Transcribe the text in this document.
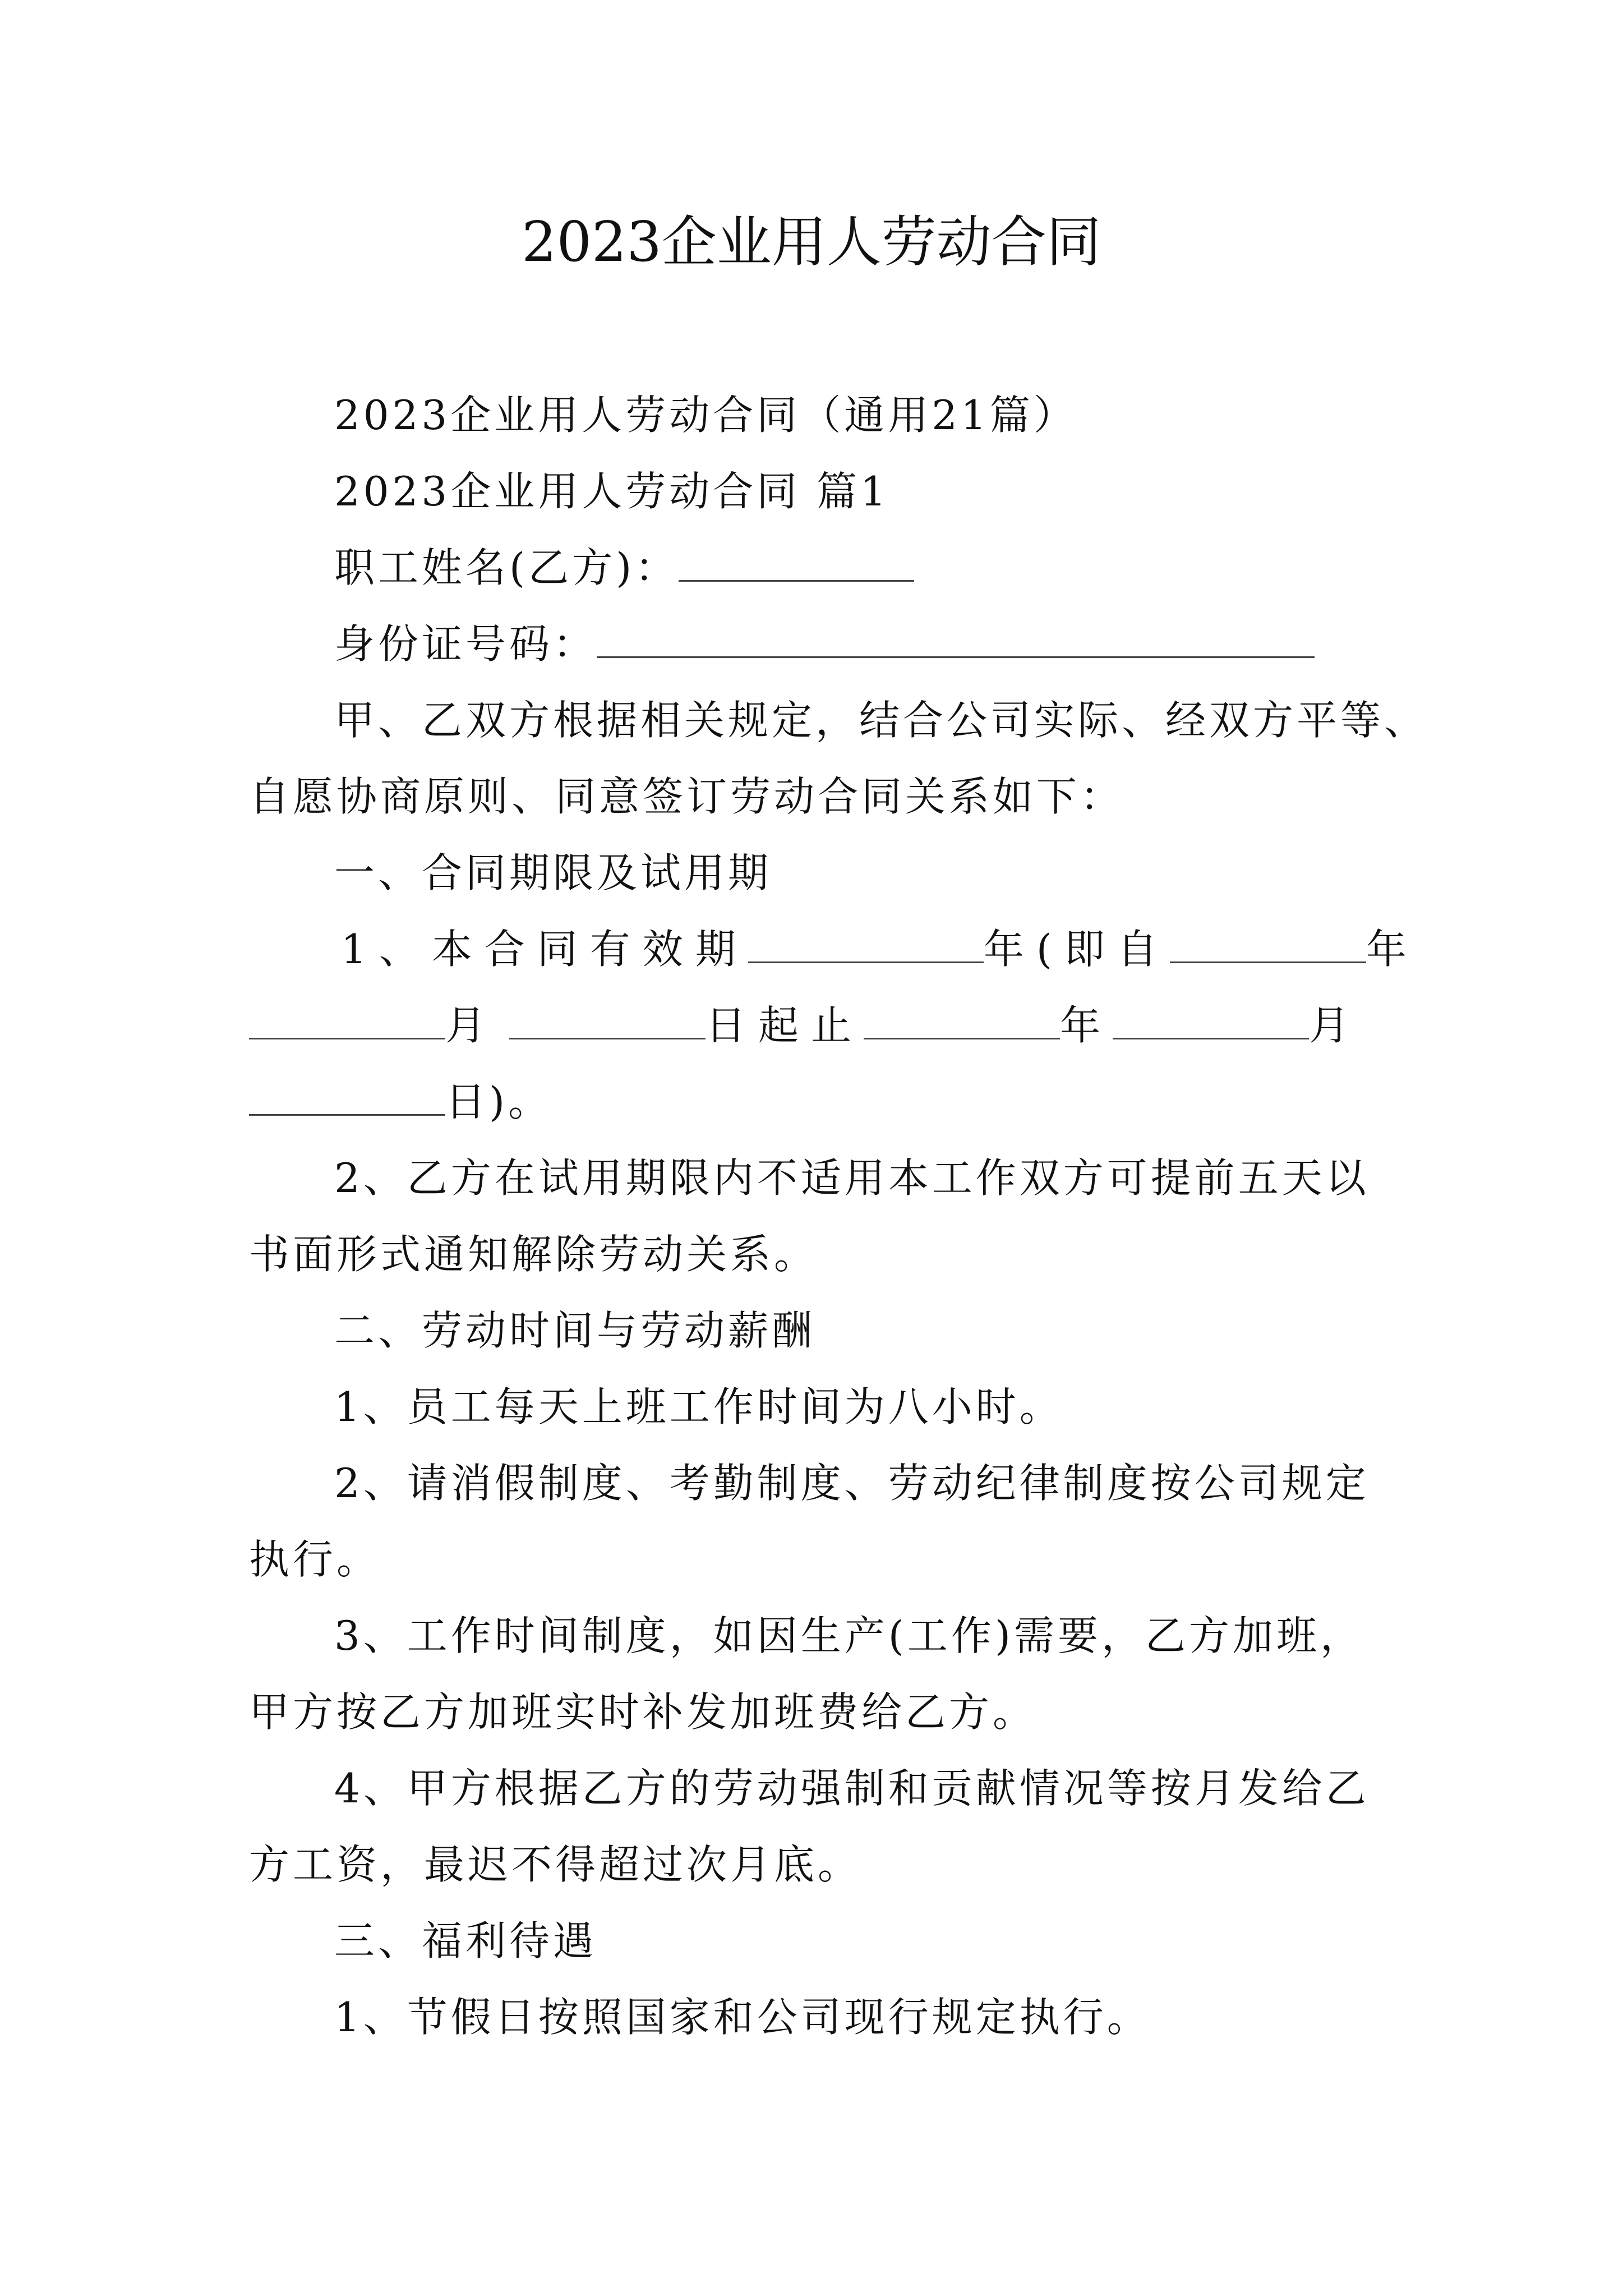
2023企业用人劳动合同
2023企业用人劳动合同（通用21篇）
2023企业用人劳动合同 篇1
职工姓名(乙方)：
身份证号码：
甲、乙双方根据相关规定，结合公司实际、经双方平等、
自愿协商原则、同意签订劳动合同关系如下：
一、合同期限及试用期
1、本合同有效期	年(即自	年
月	日起止	年	月
日)。
2、乙方在试用期限内不适用本工作双方可提前五天以
书面形式通知解除劳动关系。
二、劳动时间与劳动薪酬
1、员工每天上班工作时间为八小时。
2、请消假制度、考勤制度、劳动纪律制度按公司规定
执行。
3、工作时间制度，如因生产(工作)需要，乙方加班，
甲方按乙方加班实时补发加班费给乙方。
4、甲方根据乙方的劳动强制和贡献情况等按月发给乙
方工资，最迟不得超过次月底。
三、福利待遇
1、节假日按照国家和公司现行规定执行。
